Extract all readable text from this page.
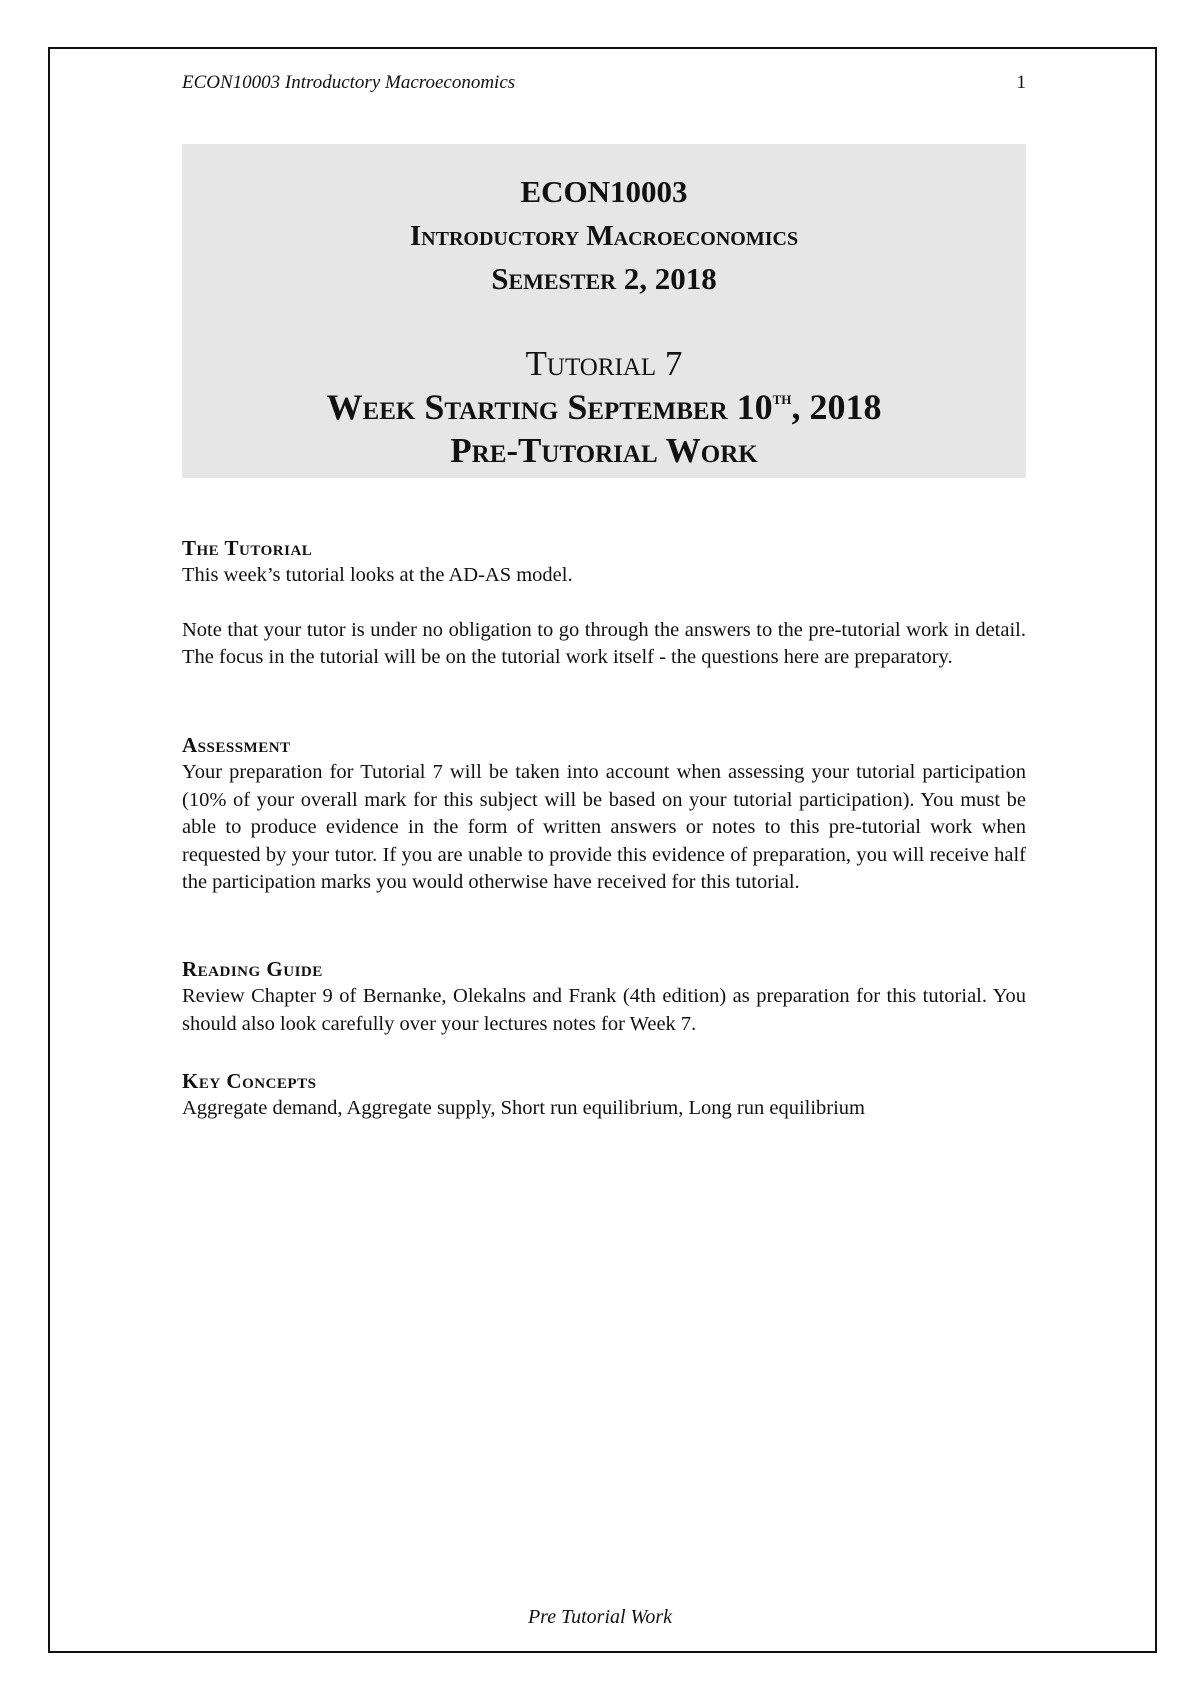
ECON10003 Introductory Macroeconomics	1
ECON10003
Introductory Macroeconomics
Semester 2, 2018
Tutorial 7
Week Starting September 10th, 2018
Pre-Tutorial Work
The Tutorial

This week’s tutorial looks at the AD-AS model.

Note that your tutor is under no obligation to go through the answers to the pre-tutorial work in detail. The focus in the tutorial will be on the tutorial work itself - the questions here are preparatory.

Assessment

Your preparation for Tutorial 7 will be taken into account when assessing your tutorial participation (10% of your overall mark for this subject will be based on your tutorial participation). You must be able to produce evidence in the form of written answers or notes to this pre-tutorial work when requested by your tutor. If you are unable to provide this evidence of preparation, you will receive half the participation marks you would otherwise have received for this tutorial.

Reading Guide

Review Chapter 9 of Bernanke, Olekalns and Frank (4th edition) as preparation for this tutorial. You should also look carefully over your lectures notes for Week 7.

Key Concepts

Aggregate demand, Aggregate supply, Short run equilibrium, Long run equilibrium

Pre Tutorial Work
